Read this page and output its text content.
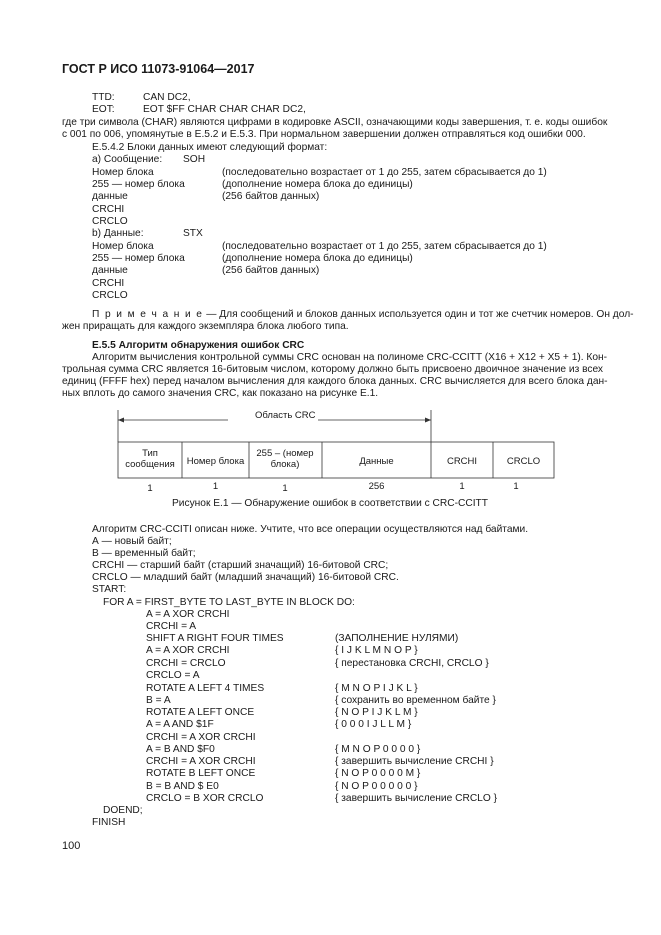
ГОСТ Р ИСО 11073-91064—2017
TTD:	CAN DC2,
EOT:	EOT $FF CHAR CHAR CHAR DC2,
где три символа (CHAR) являются цифрами в кодировке ASCII, означающими коды завершения, т. е. коды ошибок
с 001 по 006, упомянутые в Е.5.2 и Е.5.3. При нормальном завершении должен отправляться код ошибки 000.
Е.5.4.2 Блоки данных имеют следующий формат:
а) Сообщение: SOH
Номер блока	(последовательно возрастает от 1 до 255, затем сбрасывается до 1)
255 — номер блока	(дополнение номера блока до единицы)
данные	(256 байтов данных)
CRCHI
CRCLO
b) Данные:	STX
Номер блока	(последовательно возрастает от 1 до 255, затем сбрасывается до 1)
255 — номер блока	(дополнение номера блока до единицы)
данные	(256 байтов данных)
CRCHI
CRCLO
П р и м е ч а н и е — Для сообщений и блоков данных используется один и тот же счетчик номеров. Он дол-
жен приращать для каждого экземпляра блока любого типа.
Е.5.5 Алгоритм обнаружения ошибок CRC
Алгоритм вычисления контрольной суммы CRC основан на полиноме CRC-CCITT (X16 + X12 + X5 + 1). Кон-
трольная сумма CRC является 16-битовым числом, которому должно быть присвоено двоичное значение из всех
единиц (FFFF hex) перед началом вычисления для каждого блока данных. CRC вычисляется для всего блока дан-
ных вплоть до самого значения CRC, как показано на рисунке Е.1.
Область CRC
Тип сообщения	Номер блока
255 – (номер блока)	Данные	CRCHI	CRCLO
1	1	1	256	1	1
Рисунок Е.1 — Обнаружение ошибок в соответствии с CRC-CCITT
Алгоритм CRC-CCITI описан ниже. Учтите, что все операции осуществляются над байтами.
А — новый байт;
В — временный байт;
CRCHI — старший байт (старший значащий) 16-битовой CRC;
CRCLO — младший байт (младший значащий) 16-битовой CRC.
START:
FOR A = FIRST_BYTE TO LAST_BYTE IN BLOCK DO:
A = A XOR CRCHI
CRCHI = A
SHIFT A RIGHT FOUR TIMES	(ЗАПОЛНЕНИЕ НУЛЯМИ)
A = A XOR CRCHI	{ I J K L M N O P }
CRCHI = CRCLO	{ перестановка CRCHI, CRCLO }
CRCLO = A
ROTATE A LEFT 4 TIMES	{ M N O P I J K L }
B = A	{ сохранить во временном байте }
ROTATE A LEFT ONCE	{ N O P I J K L M }
A = A AND $1F	{ 0 0 0 I J L L M }
CRCHI = A XOR CRCHI
A = B AND $F0	{ M N O P 0 0 0 0 }
CRCHI = A XOR CRCHI	{ завершить вычисление CRCHI }
ROTATE B LEFT ONCE	{ N O P 0 0 0 0 M }
B = B AND $ E0	{ N O P 0 0 0 0 0 }
CRCLO = B XOR CRCLO	{ завершить вычисление CRCLO }
DOEND;
FINISH
100
